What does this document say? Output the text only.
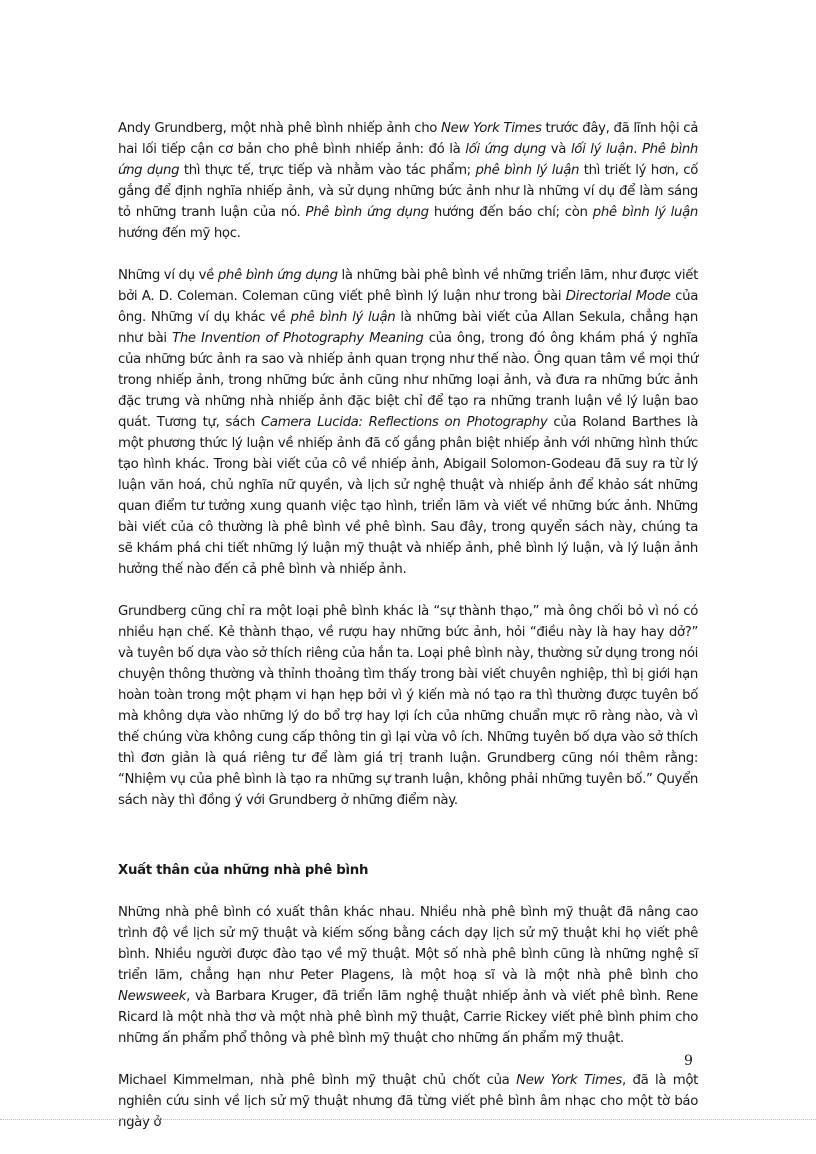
Andy Grundberg, một nhà phê bình nhiếp ảnh cho New York Times trước đây, đã lĩnh hội cả hai lối tiếp cận cơ bản cho phê bình nhiếp ảnh: đó là lối ứng dụng và lối lý luận. Phê bình ứng dụng thì thực tế, trực tiếp và nhằm vào tác phẩm; phê bình lý luận thì triết lý hơn, cố gắng để định nghĩa nhiếp ảnh, và sử dụng những bức ảnh như là những ví dụ để làm sáng tỏ những tranh luận của nó. Phê bình ứng dụng hướng đến báo chí; còn phê bình lý luận hướng đến mỹ học.

Những ví dụ về phê bình ứng dụng là những bài phê bình về những triển lãm, như được viết bởi A. D. Coleman. Coleman cũng viết phê bình lý luận như trong bài Directorial Mode của ông. Những ví dụ khác về phê bình lý luận là những bài viết của Allan Sekula, chẳng hạn như bài The Invention of Photography Meaning của ông, trong đó ông khám phá ý nghĩa của những bức ảnh ra sao và nhiếp ảnh quan trọng như thế nào. Ông quan tâm về mọi thứ trong nhiếp ảnh, trong những bức ảnh cũng như những loại ảnh, và đưa ra những bức ảnh đặc trưng và những nhà nhiếp ảnh đặc biệt chỉ để tạo ra những tranh luận về lý luận bao quát. Tương tự, sách Camera Lucida: Reflections on Photography của Roland Barthes là một phương thức lý luận về nhiếp ảnh đã cố gắng phân biệt nhiếp ảnh với những hình thức tạo hình khác. Trong bài viết của cô về nhiếp ảnh, Abigail Solomon-Godeau đã suy ra từ lý luận văn hoá, chủ nghĩa nữ quyền, và lịch sử nghệ thuật và nhiếp ảnh để khảo sát những quan điểm tư tưởng xung quanh việc tạo hình, triển lãm và viết về những bức ảnh. Những bài viết của cô thường là phê bình về phê bình. Sau đây, trong quyển sách này, chúng ta sẽ khám phá chi tiết những lý luận mỹ thuật và nhiếp ảnh, phê bình lý luận, và lý luận ảnh hưởng thế nào đến cả phê bình và nhiếp ảnh.

Grundberg cũng chỉ ra một loại phê bình khác là “sự thành thạo,” mà ông chối bỏ vì nó có nhiều hạn chế. Kẻ thành thạo, về rượu hay những bức ảnh, hỏi “điều này là hay hay dở?” và tuyên bố dựa vào sở thích riêng của hắn ta. Loại phê bình này, thường sử dụng trong nói chuyện thông thường và thỉnh thoảng tìm thấy trong bài viết chuyên nghiệp, thì bị giới hạn hoàn toàn trong một phạm vi hạn hẹp bởi vì ý kiến mà nó tạo ra thì thường được tuyên bố mà không dựa vào những lý do bổ trợ hay lợi ích của những chuẩn mực rõ ràng nào, và vì thế chúng vừa không cung cấp thông tin gì lại vừa vô ích. Những tuyên bố dựa vào sở thích thì đơn giản là quá riêng tư để làm giá trị tranh luận. Grundberg cũng nói thêm rằng: “Nhiệm vụ của phê bình là tạo ra những sự tranh luận, không phải những tuyên bố.” Quyển sách này thì đồng ý với Grundberg ở những điểm này.

Xuất thân của những nhà phê bình

Những nhà phê bình có xuất thân khác nhau. Nhiều nhà phê bình mỹ thuật đã nâng cao trình độ về lịch sử mỹ thuật và kiếm sống bằng cách dạy lịch sử mỹ thuật khi họ viết phê bình. Nhiều người được đào tạo về mỹ thuật. Một số nhà phê bình cũng là những nghệ sĩ triển lãm, chẳng hạn như Peter Plagens, là một hoạ sĩ và là một nhà phê bình cho Newsweek, và Barbara Kruger, đã triển lãm nghệ thuật nhiếp ảnh và viết phê bình. Rene Ricard là một nhà thơ và một nhà phê bình mỹ thuật, Carrie Rickey viết phê bình phim cho những ấn phẩm phổ thông và phê bình mỹ thuật cho những ấn phẩm mỹ thuật.

Michael Kimmelman, nhà phê bình mỹ thuật chủ chốt của New York Times, đã là một nghiên cứu sinh về lịch sử mỹ thuật nhưng đã từng viết phê bình âm nhạc cho một tờ báo ngày ở

9
